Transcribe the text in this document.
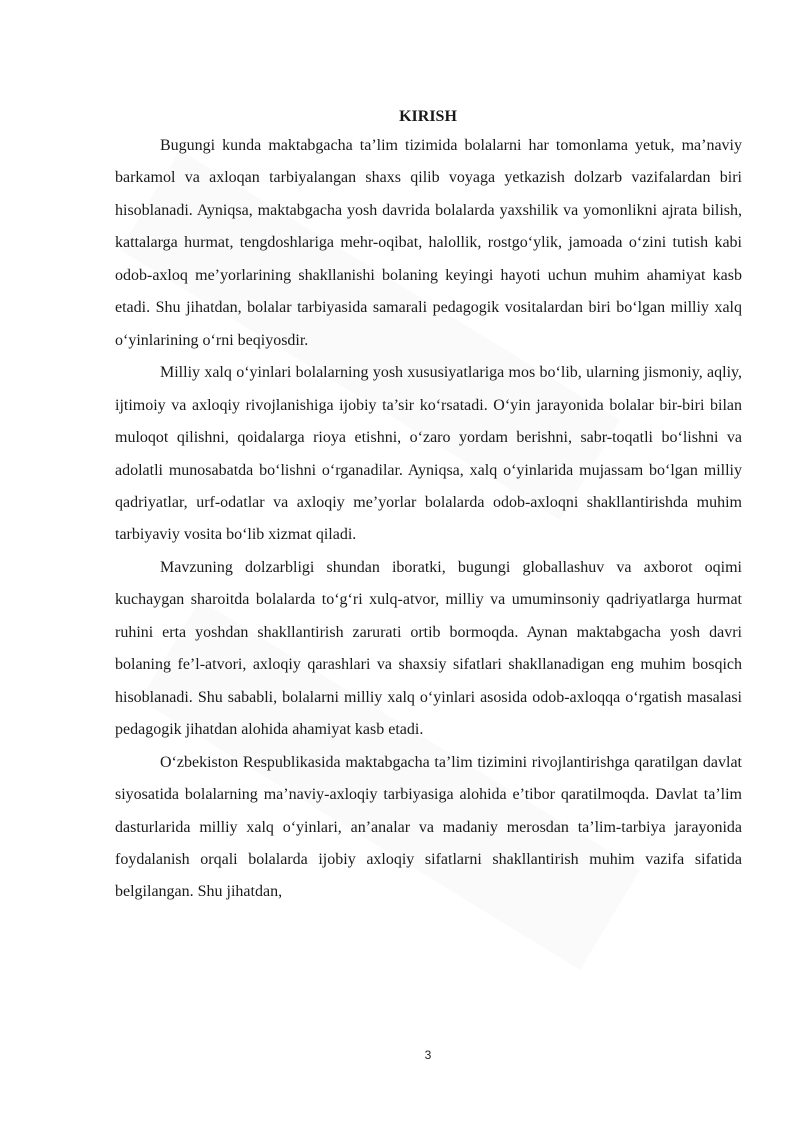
KIRISH

Bugungi kunda maktabgacha ta’lim tizimida bolalarni har tomonlama yetuk, ma’naviy barkamol va axloqan tarbiyalangan shaxs qilib voyaga yetkazish dolzarb vazifalardan biri hisoblanadi. Ayniqsa, maktabgacha yosh davrida bolalarda yaxshilik va yomonlikni ajrata bilish, kattalarga hurmat, tengdoshlariga mehr-oqibat, halollik, rostgo‘ylik, jamoada o‘zini tutish kabi odob-axloq me’yorlarining shakllanishi bolaning keyingi hayoti uchun muhim ahamiyat kasb etadi. Shu jihatdan, bolalar tarbiyasida samarali pedagogik vositalardan biri bo‘lgan milliy xalq o‘yinlarining o‘rni beqiyosdir.

Milliy xalq o‘yinlari bolalarning yosh xususiyatlariga mos bo‘lib, ularning jismoniy, aqliy, ijtimoiy va axloqiy rivojlanishiga ijobiy ta’sir ko‘rsatadi. O‘yin jarayonida bolalar bir-biri bilan muloqot qilishni, qoidalarga rioya etishni, o‘zaro yordam berishni, sabr-toqatli bo‘lishni va adolatli munosabatda bo‘lishni o‘rganadilar. Ayniqsa, xalq o‘yinlarida mujassam bo‘lgan milliy qadriyatlar, urf-odatlar va axloqiy me’yorlar bolalarda odob-axloqni shakllantirishda muhim tarbiyaviy vosita bo‘lib xizmat qiladi.

Mavzuning dolzarbligi shundan iboratki, bugungi globallashuv va axborot oqimi kuchaygan sharoitda bolalarda to‘g‘ri xulq-atvor, milliy va umuminsoniy qadriyatlarga hurmat ruhini erta yoshdan shakllantirish zarurati ortib bormoqda. Aynan maktabgacha yosh davri bolaning fe’l-atvori, axloqiy qarashlari va shaxsiy sifatlari shakllanadigan eng muhim bosqich hisoblanadi. Shu sababli, bolalarni milliy xalq o‘yinlari asosida odob-axloqqa o‘rgatish masalasi pedagogik jihatdan alohida ahamiyat kasb etadi.

O‘zbekiston Respublikasida maktabgacha ta’lim tizimini rivojlantirishga qaratilgan davlat siyosatida bolalarning ma’naviy-axloqiy tarbiyasiga alohida e’tibor qaratilmoqda. Davlat ta’lim dasturlarida milliy xalq o‘yinlari, an’analar va madaniy merosdan ta’lim-tarbiya jarayonida foydalanish orqali bolalarda ijobiy axloqiy sifatlarni shakllantirish muhim vazifa sifatida belgilangan. Shu jihatdan,

3
